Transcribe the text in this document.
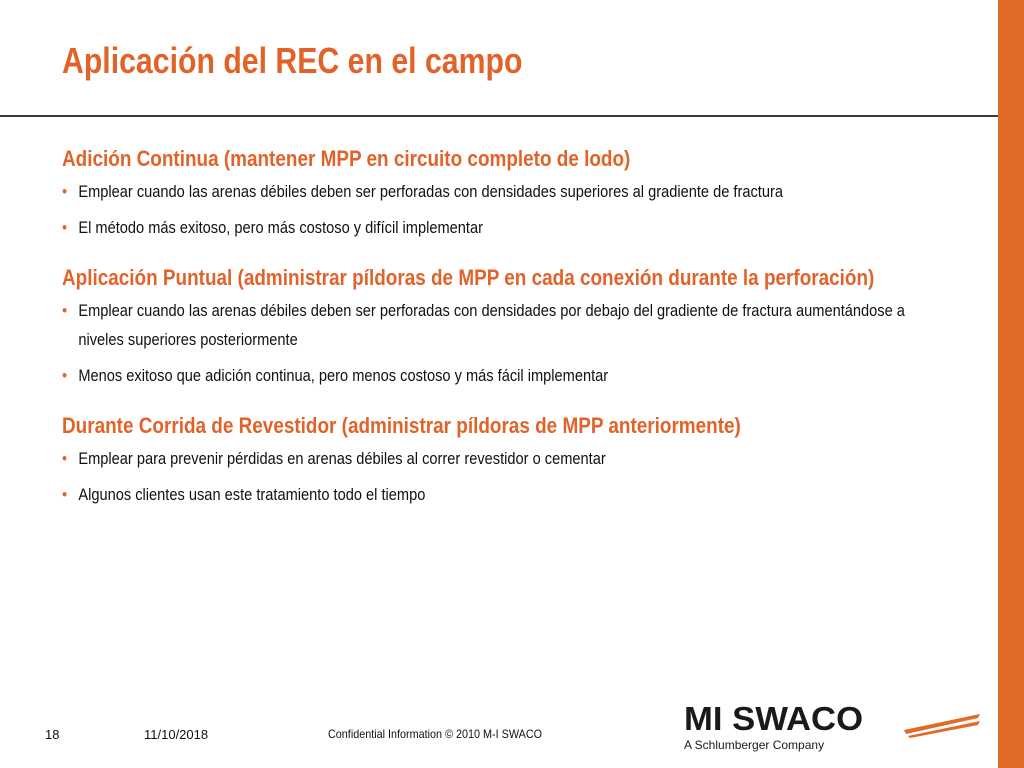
Aplicación del REC en el campo
Adición Continua (mantener MPP en circuito completo de lodo)
• Emplear cuando las arenas débiles deben ser perforadas con densidades superiores al gradiente de fractura
• El método más exitoso, pero más costoso y difícil implementar
Aplicación Puntual (administrar píldoras de MPP en cada conexión durante la perforación)
• Emplear cuando las arenas débiles deben ser perforadas con densidades por debajo del gradiente de fractura aumentándose a niveles superiores posteriormente
• Menos exitoso que adición continua, pero menos costoso y más fácil implementar
Durante Corrida de Revestidor (administrar píldoras de MPP anteriormente)
• Emplear para prevenir pérdidas en arenas débiles al correr revestidor o cementar
• Algunos clientes usan este tratamiento todo el tiempo
18	11/10/2018	Confidential Information © 2010 M-I SWACO	MI SWACO
A Schlumberger Company
